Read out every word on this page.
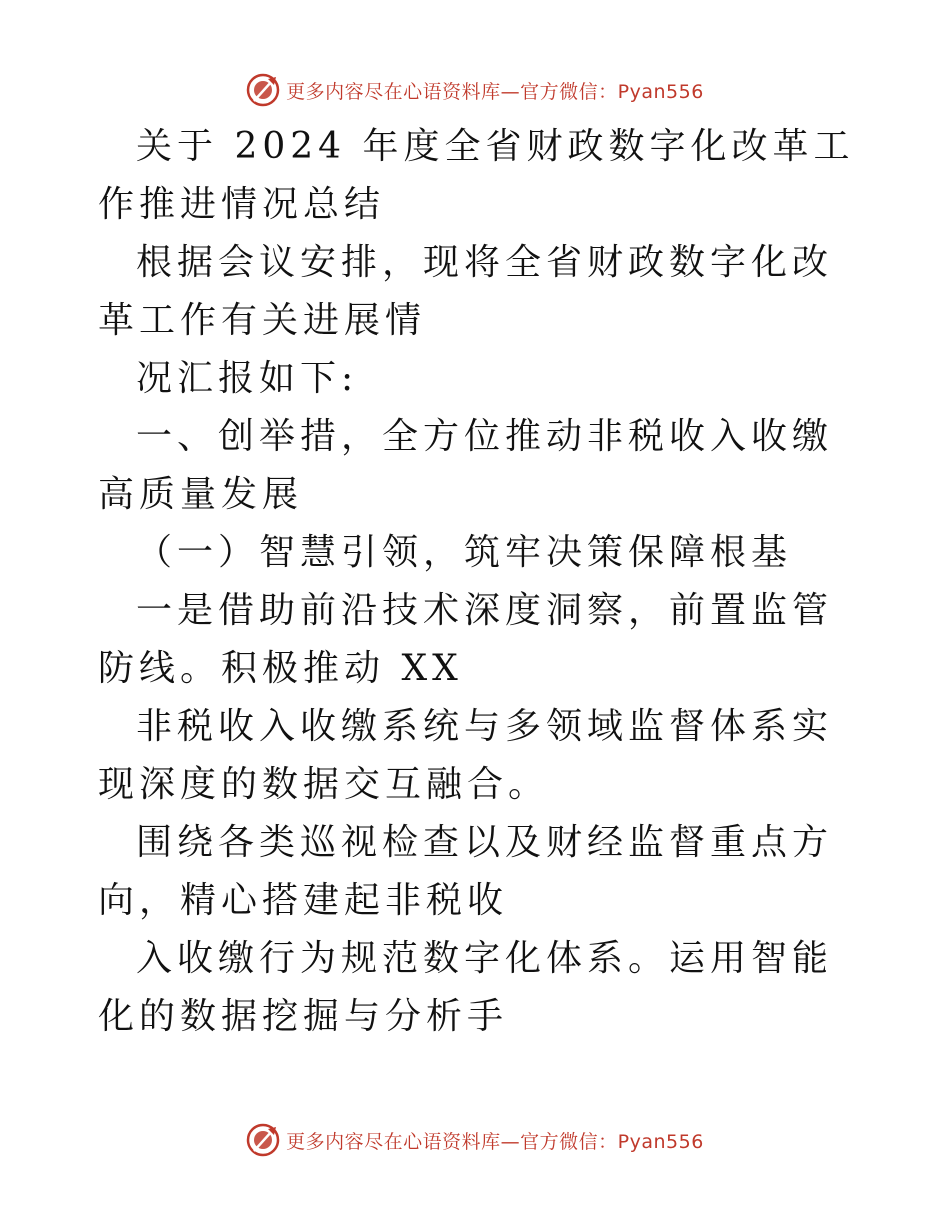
更多内容尽在心语资料库—官方微信：Pyan556

关于 2024 年度全省财政数字化改革工作推进情况总结

根据会议安排，现将全省财政数字化改革工作有关进展情

况汇报如下:

一、创举措，全方位推动非税收入收缴高质量发展

（一）智慧引领，筑牢决策保障根基

一是借助前沿技术深度洞察，前置监管防线。积极推动 XX

非税收入收缴系统与多领域监督体系实现深度的数据交互融合。

围绕各类巡视检查以及财经监督重点方向，精心搭建起非税收

入收缴行为规范数字化体系。运用智能化的数据挖掘与分析手

更多内容尽在心语资料库—官方微信：Pyan556
